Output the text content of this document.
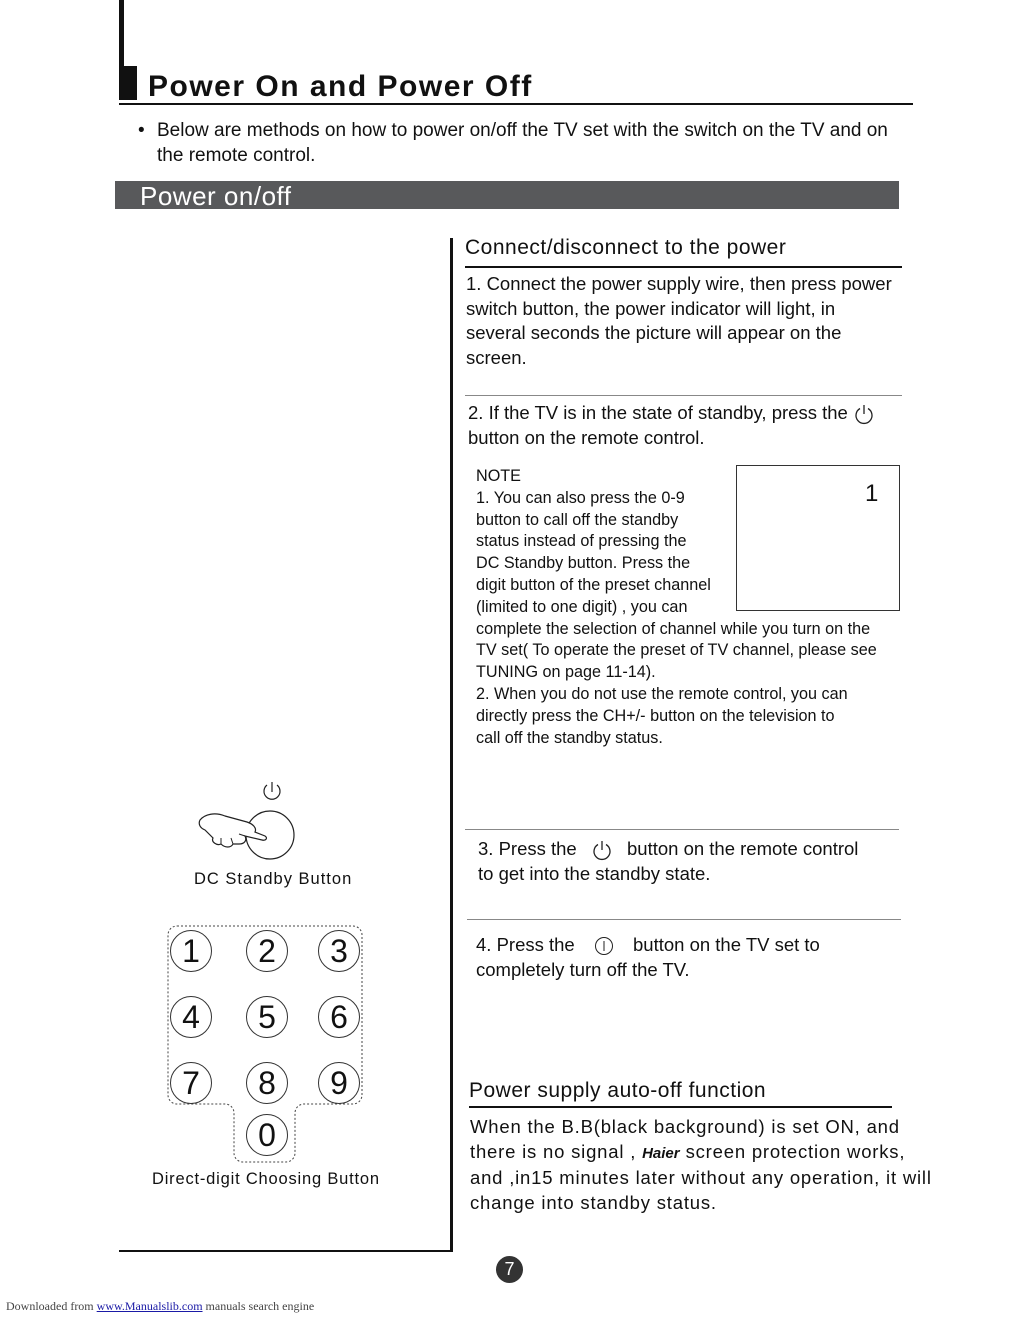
Power On and Power Off
• Below are methods on how to power on/off the TV set with the switch on the TV and on the remote control.
Power on/off
Connect/disconnect to the power
1. Connect the power supply wire, then press power switch button, the power indicator will light, in several seconds the picture will appear on the screen.
2. If the TV is in the state of standby, press the
button on the remote control.
1

NOTE

1. You can also press the 0-9

button to call off the standby

status instead of pressing the

DC Standby button. Press the

digit button of the preset channel

(limited to one digit) , you can

complete the selection of channel while you turn on the

TV set( To operate the preset of TV channel, please see

TUNING on page 11-14).

2. When you do not use the remote control, you can

directly press the CH+/- button on the television to

call off the standby status.

3. Press the	button on the remote control
to get into the standby state.
4. Press the	button on the TV set to
completely turn off the TV.
Power supply auto-off function
When the B.B(black background) is set ON, and there is no signal , Haier screen protection works, and ,in15 minutes later without any operation, it will change into standby status.
DC Standby Button
1	2	3
4	5	6
7	8	9
0
Direct-digit Choosing Button
7
Downloaded from www.Manualslib.com manuals search engine
